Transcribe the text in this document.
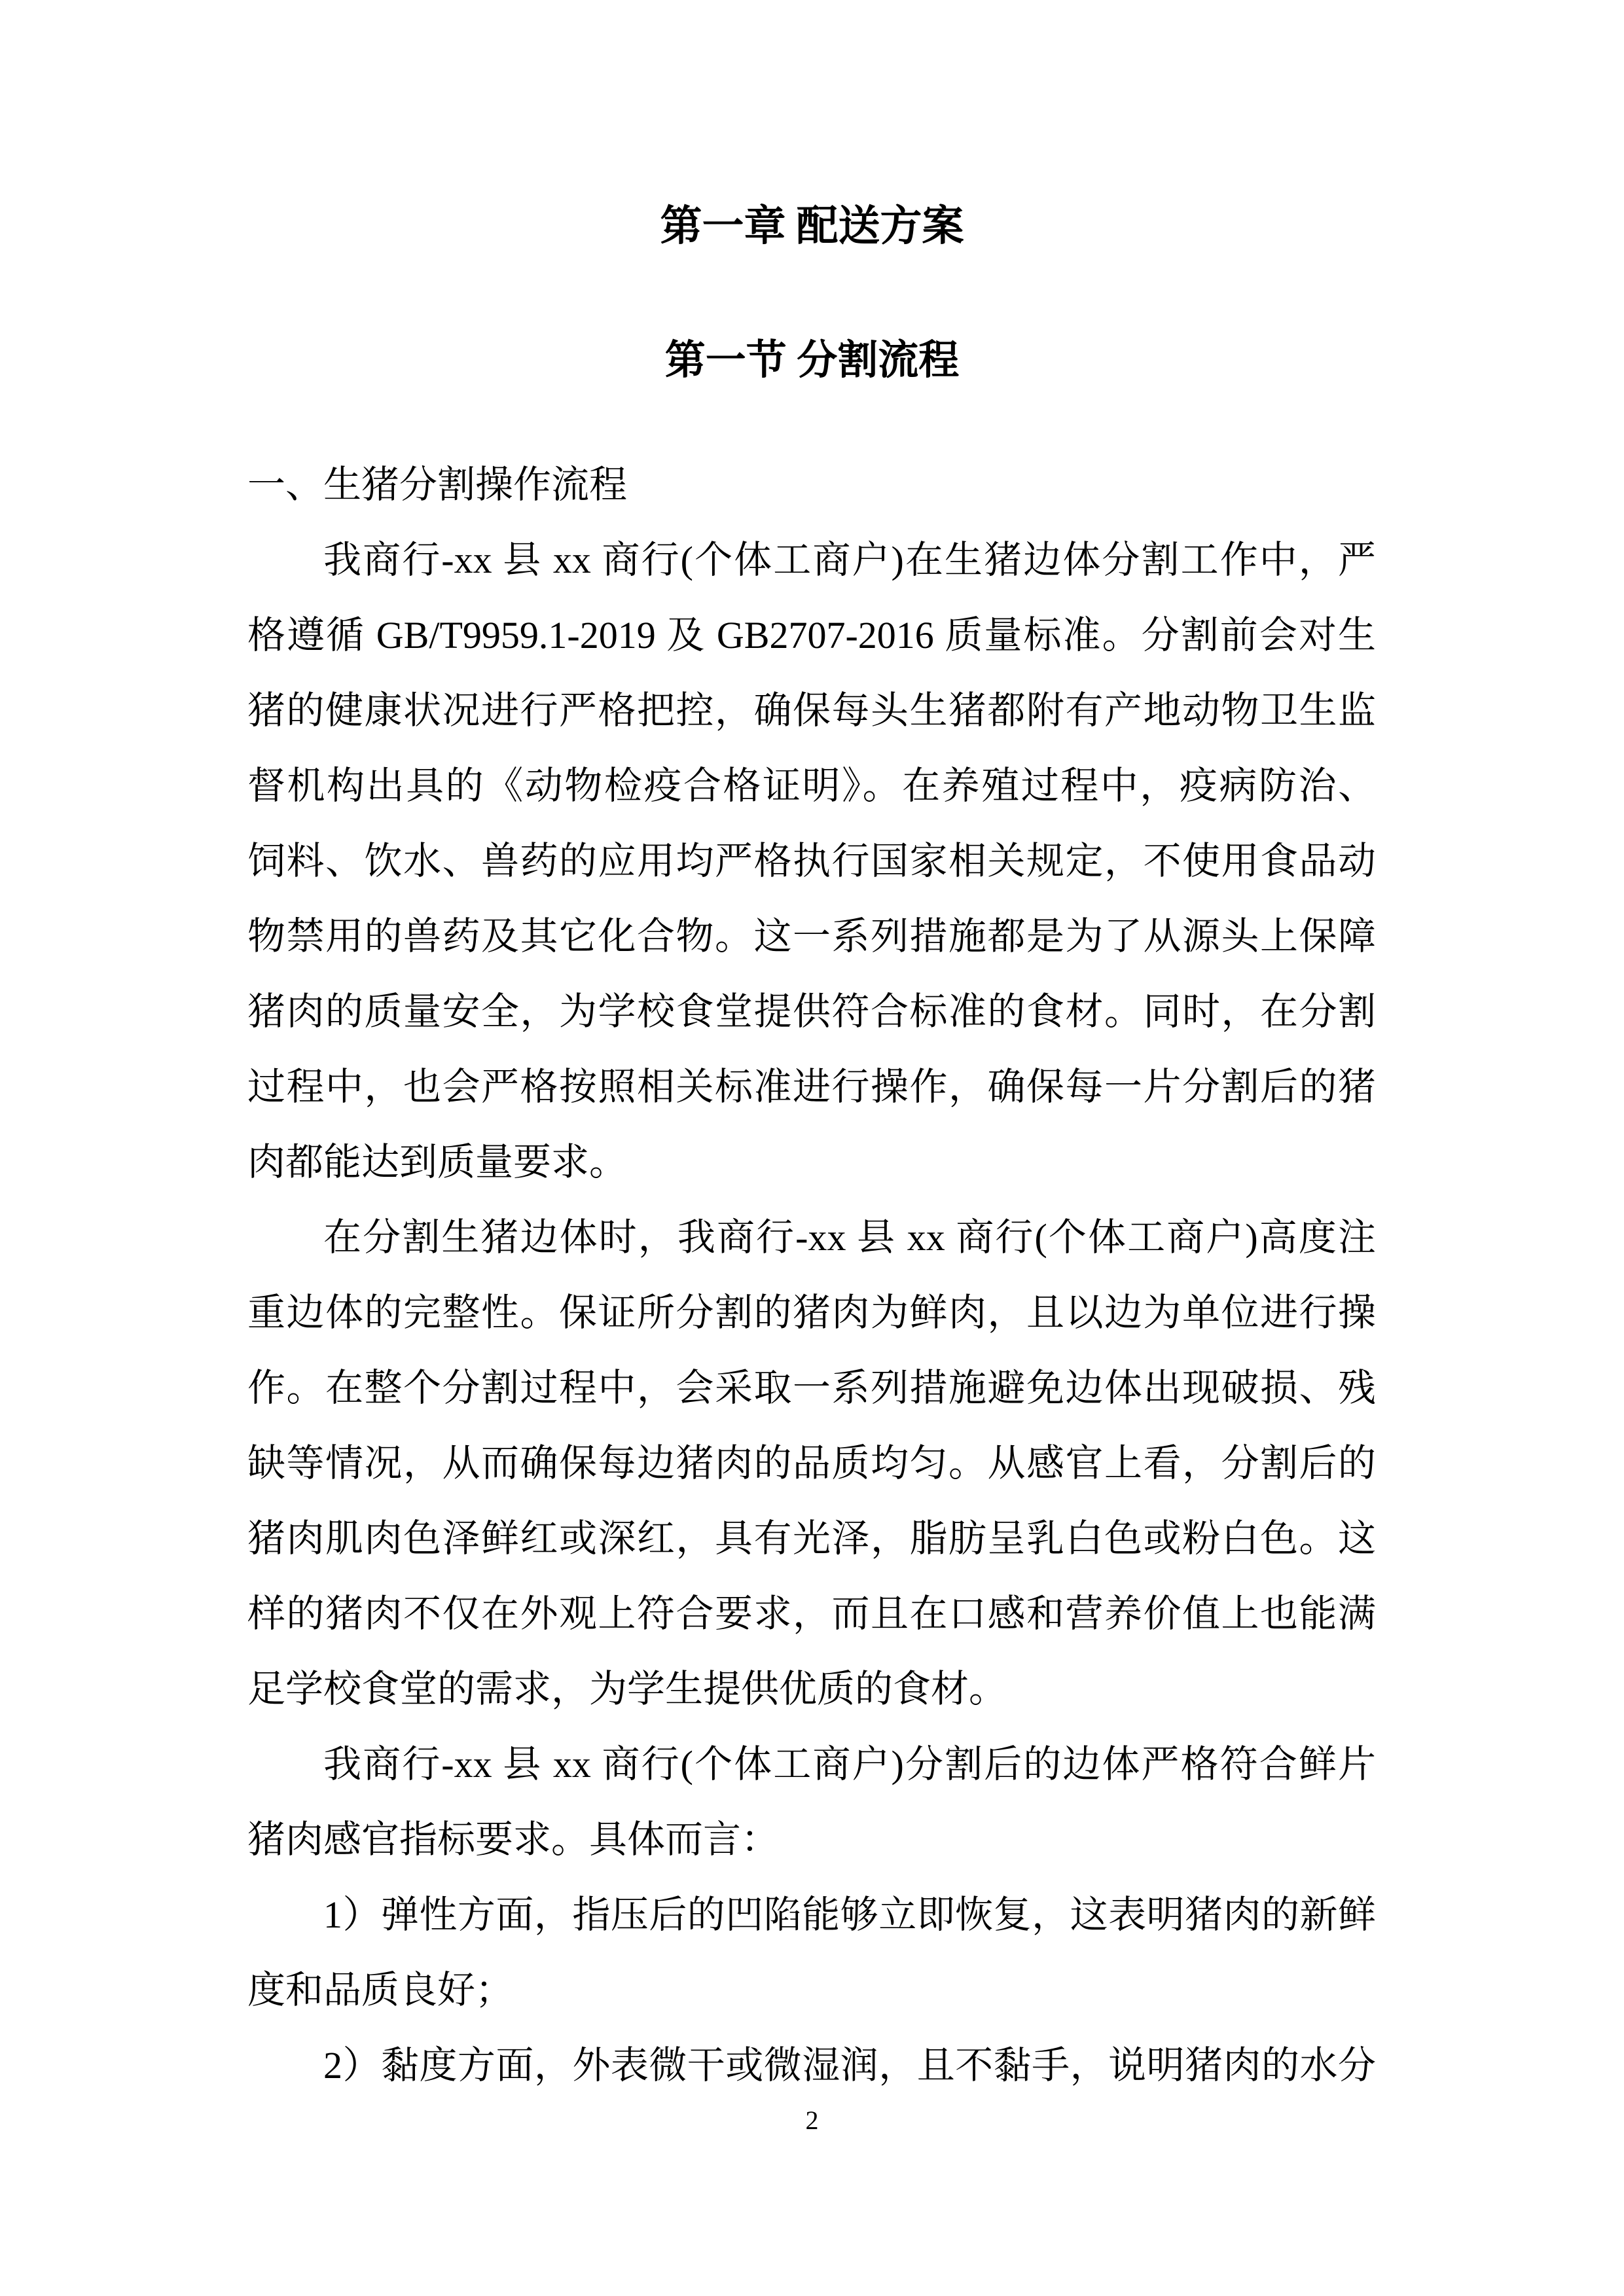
第一章 配送方案
第一节 分割流程
一、生猪分割操作流程
我商行-xx 县 xx 商行(个体工商户)在生猪边体分割工作中，严
格遵循 GB/T9959.1-2019 及 GB2707-2016 质量标准。分割前会对生
猪的健康状况进行严格把控，确保每头生猪都附有产地动物卫生监
督机构出具的《动物检疫合格证明》。在养殖过程中，疫病防治、
饲料、饮水、兽药的应用均严格执行国家相关规定，不使用食品动
物禁用的兽药及其它化合物。这一系列措施都是为了从源头上保障
猪肉的质量安全，为学校食堂提供符合标准的食材。同时，在分割
过程中，也会严格按照相关标准进行操作，确保每一片分割后的猪
肉都能达到质量要求。
在分割生猪边体时，我商行-xx 县 xx 商行(个体工商户)高度注
重边体的完整性。保证所分割的猪肉为鲜肉，且以边为单位进行操
作。在整个分割过程中，会采取一系列措施避免边体出现破损、残
缺等情况，从而确保每边猪肉的品质均匀。从感官上看，分割后的
猪肉肌肉色泽鲜红或深红，具有光泽，脂肪呈乳白色或粉白色。这
样的猪肉不仅在外观上符合要求，而且在口感和营养价值上也能满
足学校食堂的需求，为学生提供优质的食材。
我商行-xx 县 xx 商行(个体工商户)分割后的边体严格符合鲜片
猪肉感官指标要求。具体而言：
1）弹性方面，指压后的凹陷能够立即恢复，这表明猪肉的新鲜
度和品质良好；
2）黏度方面，外表微干或微湿润，且不黏手，说明猪肉的水分
2
